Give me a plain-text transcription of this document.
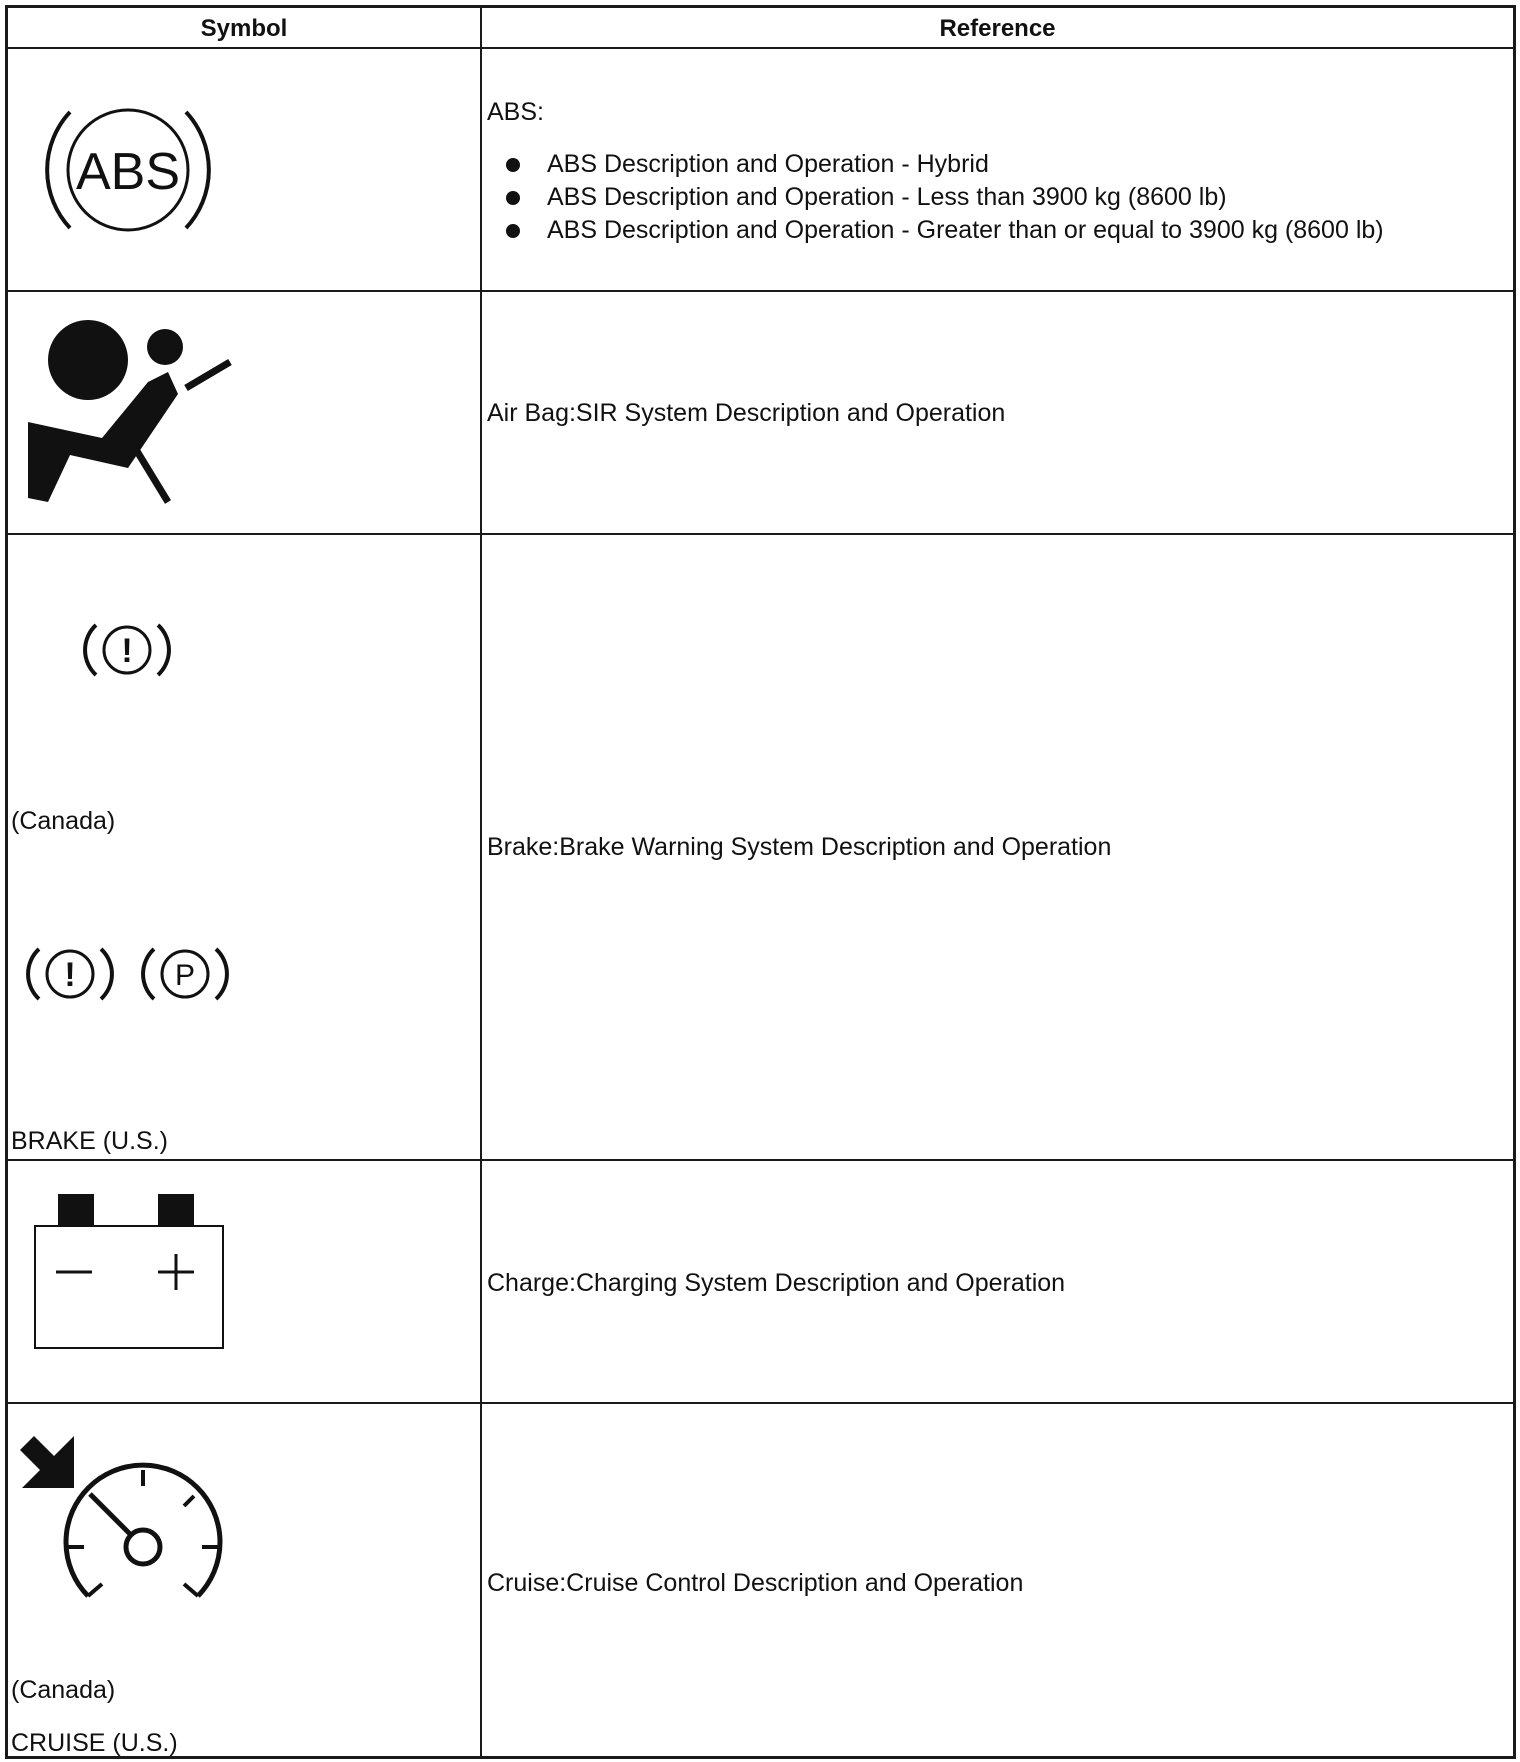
Symbol	Reference
ABS
ABS:
ABS Description and Operation - Hybrid
ABS Description and Operation - Less than 3900 kg (8600 lb)
ABS Description and Operation - Greater than or equal to 3900 kg (8600 lb)
Air Bag:SIR System Description and Operation
!
(Canada)
!	P
BRAKE (U.S.)
Brake:Brake Warning System Description and Operation
Charge:Charging System Description and Operation
(Canada)
CRUISE (U.S.)
Cruise:Cruise Control Description and Operation
